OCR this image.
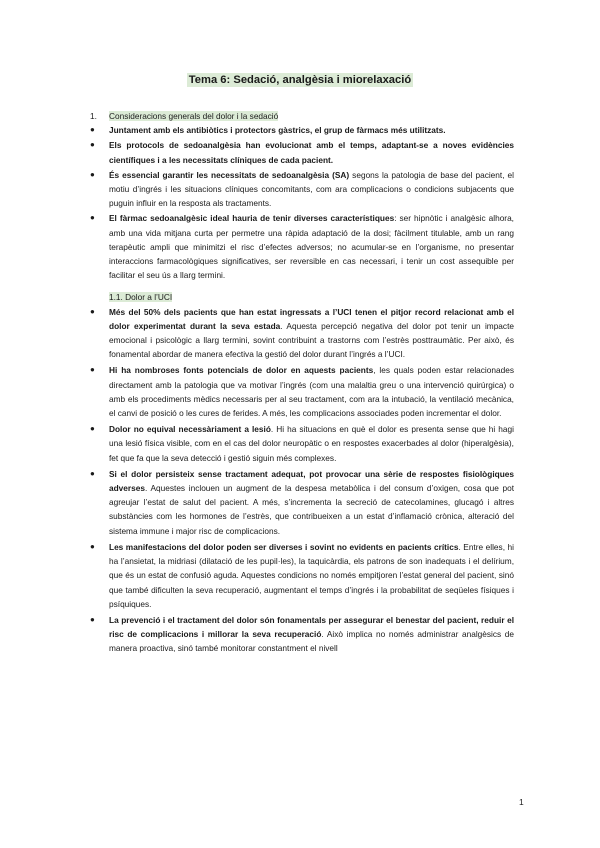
Tema 6: Sedació, analgèsia i miorelaxació
1. Consideracions generals del dolor i la sedació
● Juntament amb els antibiòtics i protectors gàstrics, el grup de fàrmacs més utilitzats.
● Els protocols de sedoanalgèsia han evolucionat amb el temps, adaptant-se a noves evidències científiques i a les necessitats clíniques de cada pacient.
● És essencial garantir les necessitats de sedoanalgèsia (SA) segons la patologia de base del pacient, el motiu d’ingrés i les situacions clíniques concomitants, com ara complicacions o condicions subjacents que puguin influir en la resposta als tractaments.
● El fàrmac sedoanalgèsic ideal hauria de tenir diverses característiques: ser hipnòtic i analgèsic alhora, amb una vida mitjana curta per permetre una ràpida adaptació de la dosi; fàcilment titulable, amb un rang terapèutic ampli que minimitzi el risc d’efectes adversos; no acumular-se en l’organisme, no presentar interaccions farmacològiques significatives, ser reversible en cas necessari, i tenir un cost assequible per facilitar el seu ús a llarg termini.
1.1. Dolor a l’UCI
● Més del 50% dels pacients que han estat ingressats a l’UCI tenen el pitjor record relacionat amb el dolor experimentat durant la seva estada. Aquesta percepció negativa del dolor pot tenir un impacte emocional i psicològic a llarg termini, sovint contribuint a trastorns com l’estrès posttraumàtic. Per això, és fonamental abordar de manera efectiva la gestió del dolor durant l’ingrés a l’UCI.
● Hi ha nombroses fonts potencials de dolor en aquests pacients, les quals poden estar relacionades directament amb la patologia que va motivar l’ingrés (com una malaltia greu o una intervenció quirúrgica) o amb els procediments mèdics necessaris per al seu tractament, com ara la intubació, la ventilació mecànica, el canvi de posició o les cures de ferides. A més, les complicacions associades poden incrementar el dolor.
● Dolor no equival necessàriament a lesió. Hi ha situacions en què el dolor es presenta sense que hi hagi una lesió física visible, com en el cas del dolor neuropàtic o en respostes exacerbades al dolor (hiperalgèsia), fet que fa que la seva detecció i gestió siguin més complexes.
● Si el dolor persisteix sense tractament adequat, pot provocar una sèrie de respostes fisiològiques adverses. Aquestes inclouen un augment de la despesa metabòlica i del consum d’oxigen, cosa que pot agreujar l’estat de salut del pacient. A més, s’incrementa la secreció de catecolamines, glucagó i altres substàncies com les hormones de l’estrès, que contribueixen a un estat d’inflamació crònica, alteració del sistema immune i major risc de complicacions.
● Les manifestacions del dolor poden ser diverses i sovint no evidents en pacients crítics. Entre elles, hi ha l’ansietat, la midriasi (dilatació de les pupil·les), la taquicàrdia, els patrons de son inadequats i el delírium, que és un estat de confusió aguda. Aquestes condicions no només empitjoren l’estat general del pacient, sinó que també dificulten la seva recuperació, augmentant el temps d’ingrés i la probabilitat de seqüeles físiques i psíquiques.
● La prevenció i el tractament del dolor són fonamentals per assegurar el benestar del pacient, reduir el risc de complicacions i millorar la seva recuperació. Això implica no només administrar analgèsics de manera proactiva, sinó també monitorar constantment el nivell
1
